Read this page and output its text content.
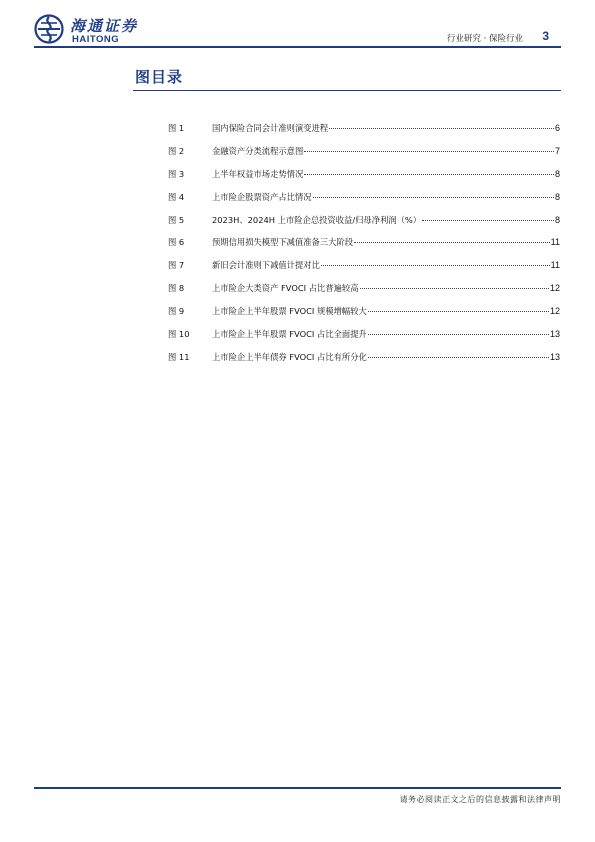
海通证券
HAITONG	行业研究 · 保险行业 3
图目录
图 1	国内保险合同会计准则演变进程	6
图 2	金融资产分类流程示意图	7
图 3	上半年权益市场走势情况	8
图 4	上市险企股票资产占比情况	8
图 5	2023H、2024H 上市险企总投资收益/归母净利润（%）	8
图 6	预期信用损失模型下减值准备三大阶段	11
图 7	新旧会计准则下减值计提对比	11
图 8	上市险企大类资产 FVOCI 占比普遍较高	12
图 9	上市险企上半年股票 FVOCI 规模增幅较大	12
图 10	上市险企上半年股票 FVOCI 占比全面提升	13
图 11	上市险企上半年债券 FVOCI 占比有所分化	13
请务必阅读正文之后的信息披露和法律声明
